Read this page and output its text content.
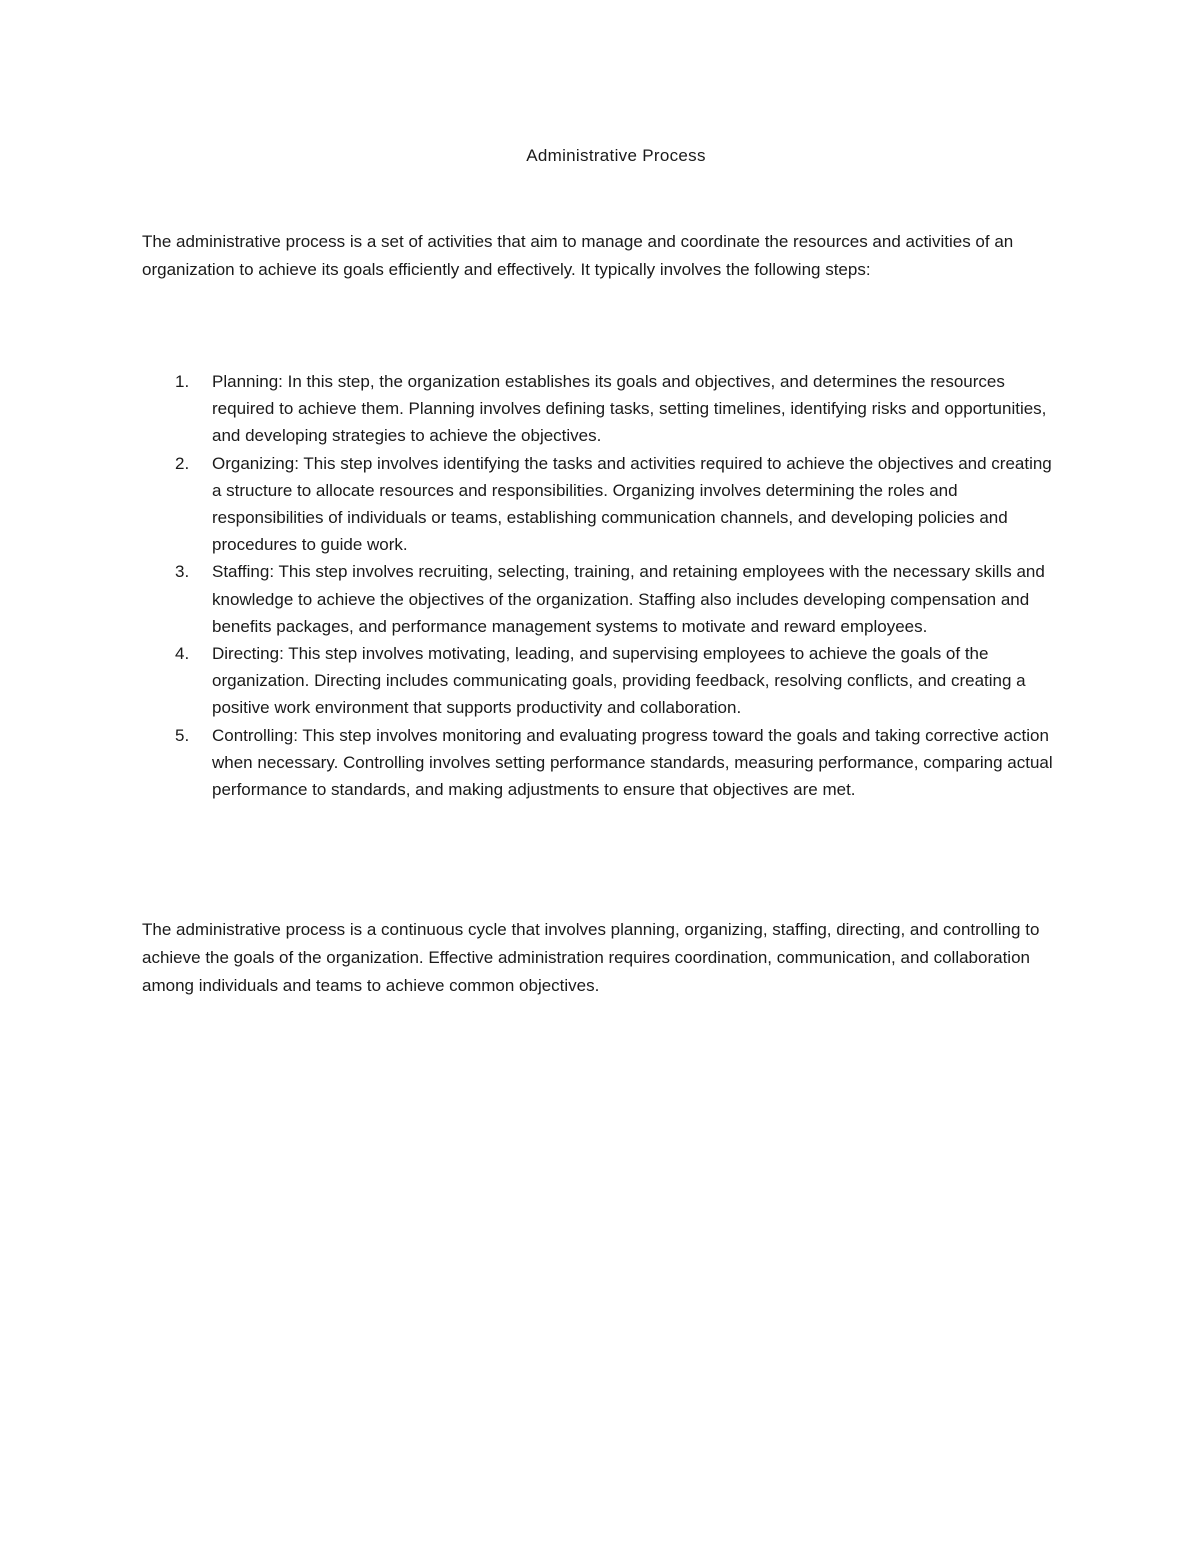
Administrative Process

The administrative process is a set of activities that aim to manage and coordinate the resources and activities of an organization to achieve its goals efficiently and effectively. It typically involves the following steps:

1. Planning: In this step, the organization establishes its goals and objectives, and determines the resources required to achieve them. Planning involves defining tasks, setting timelines, identifying risks and opportunities, and developing strategies to achieve the objectives.
2. Organizing: This step involves identifying the tasks and activities required to achieve the objectives and creating a structure to allocate resources and responsibilities. Organizing involves determining the roles and responsibilities of individuals or teams, establishing communication channels, and developing policies and procedures to guide work.
3. Staffing: This step involves recruiting, selecting, training, and retaining employees with the necessary skills and knowledge to achieve the objectives of the organization. Staffing also includes developing compensation and benefits packages, and performance management systems to motivate and reward employees.
4. Directing: This step involves motivating, leading, and supervising employees to achieve the goals of the organization. Directing includes communicating goals, providing feedback, resolving conflicts, and creating a positive work environment that supports productivity and collaboration.
5. Controlling: This step involves monitoring and evaluating progress toward the goals and taking corrective action when necessary. Controlling involves setting performance standards, measuring performance, comparing actual performance to standards, and making adjustments to ensure that objectives are met.

The administrative process is a continuous cycle that involves planning, organizing, staffing, directing, and controlling to achieve the goals of the organization. Effective administration requires coordination, communication, and collaboration among individuals and teams to achieve common objectives.
